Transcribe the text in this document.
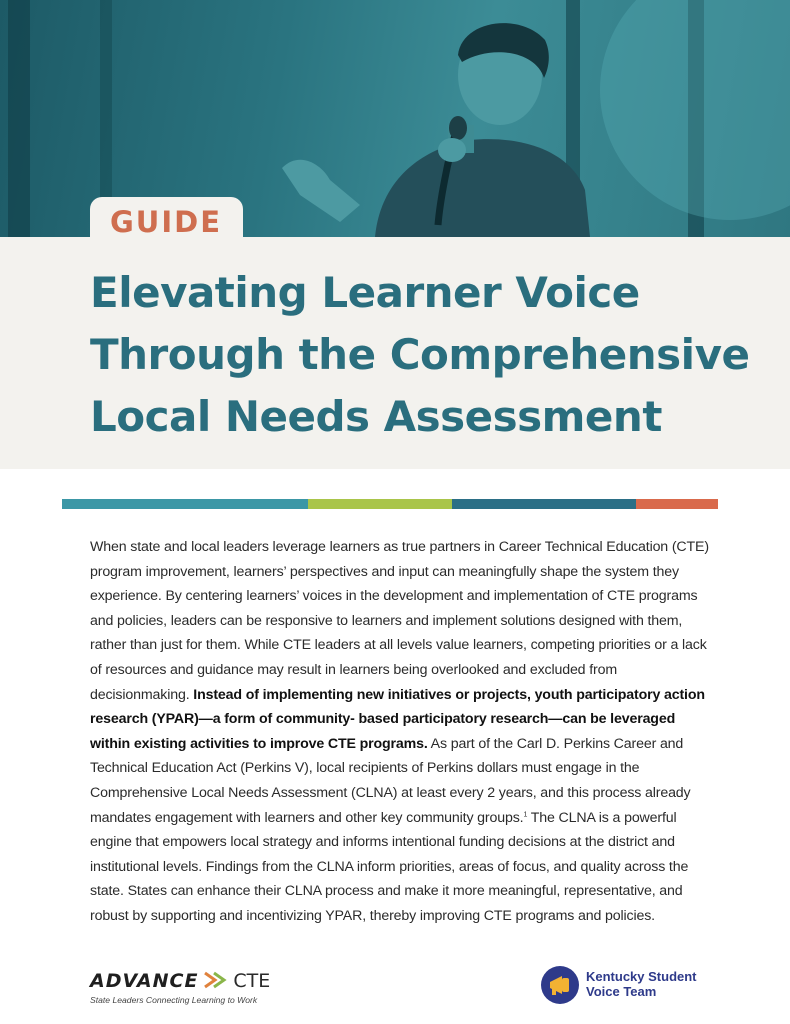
GUIDE
Elevating Learner Voice
Through the Comprehensive
Local Needs Assessment

When state and local leaders leverage learners as true partners in Career Technical Education (CTE) program improvement, learners’ perspectives and input can meaningfully shape the system they experience. By centering learners’ voices in the development and implementation of CTE programs and policies, leaders can be responsive to learners and implement solutions designed with them, rather than just for them. While CTE leaders at all levels value learners, competing priorities or a lack of resources and guidance may result in learners being overlooked and excluded from decisionmaking. Instead of implementing new initiatives or projects, youth participatory action research (YPAR)—a form of community- based participatory research—can be leveraged within existing activities to improve CTE programs. As part of the Carl D. Perkins Career and Technical Education Act (Perkins V), local recipients of Perkins dollars must engage in the Comprehensive Local Needs Assessment (CLNA) at least every 2 years, and this process already mandates engagement with learners and other key community groups.$^1$ The CLNA is a powerful engine that empowers local strategy and informs intentional funding decisions at the district and institutional levels. Findings from the CLNA inform priorities, areas of focus, and quality across the state. States can enhance their CLNA process and make it more meaningful, representative, and robust by supporting and incentivizing YPAR, thereby improving CTE programs and policies.

ADVANCE CTE
State Leaders Connecting Learning to Work
Kentucky Student
Voice Team
